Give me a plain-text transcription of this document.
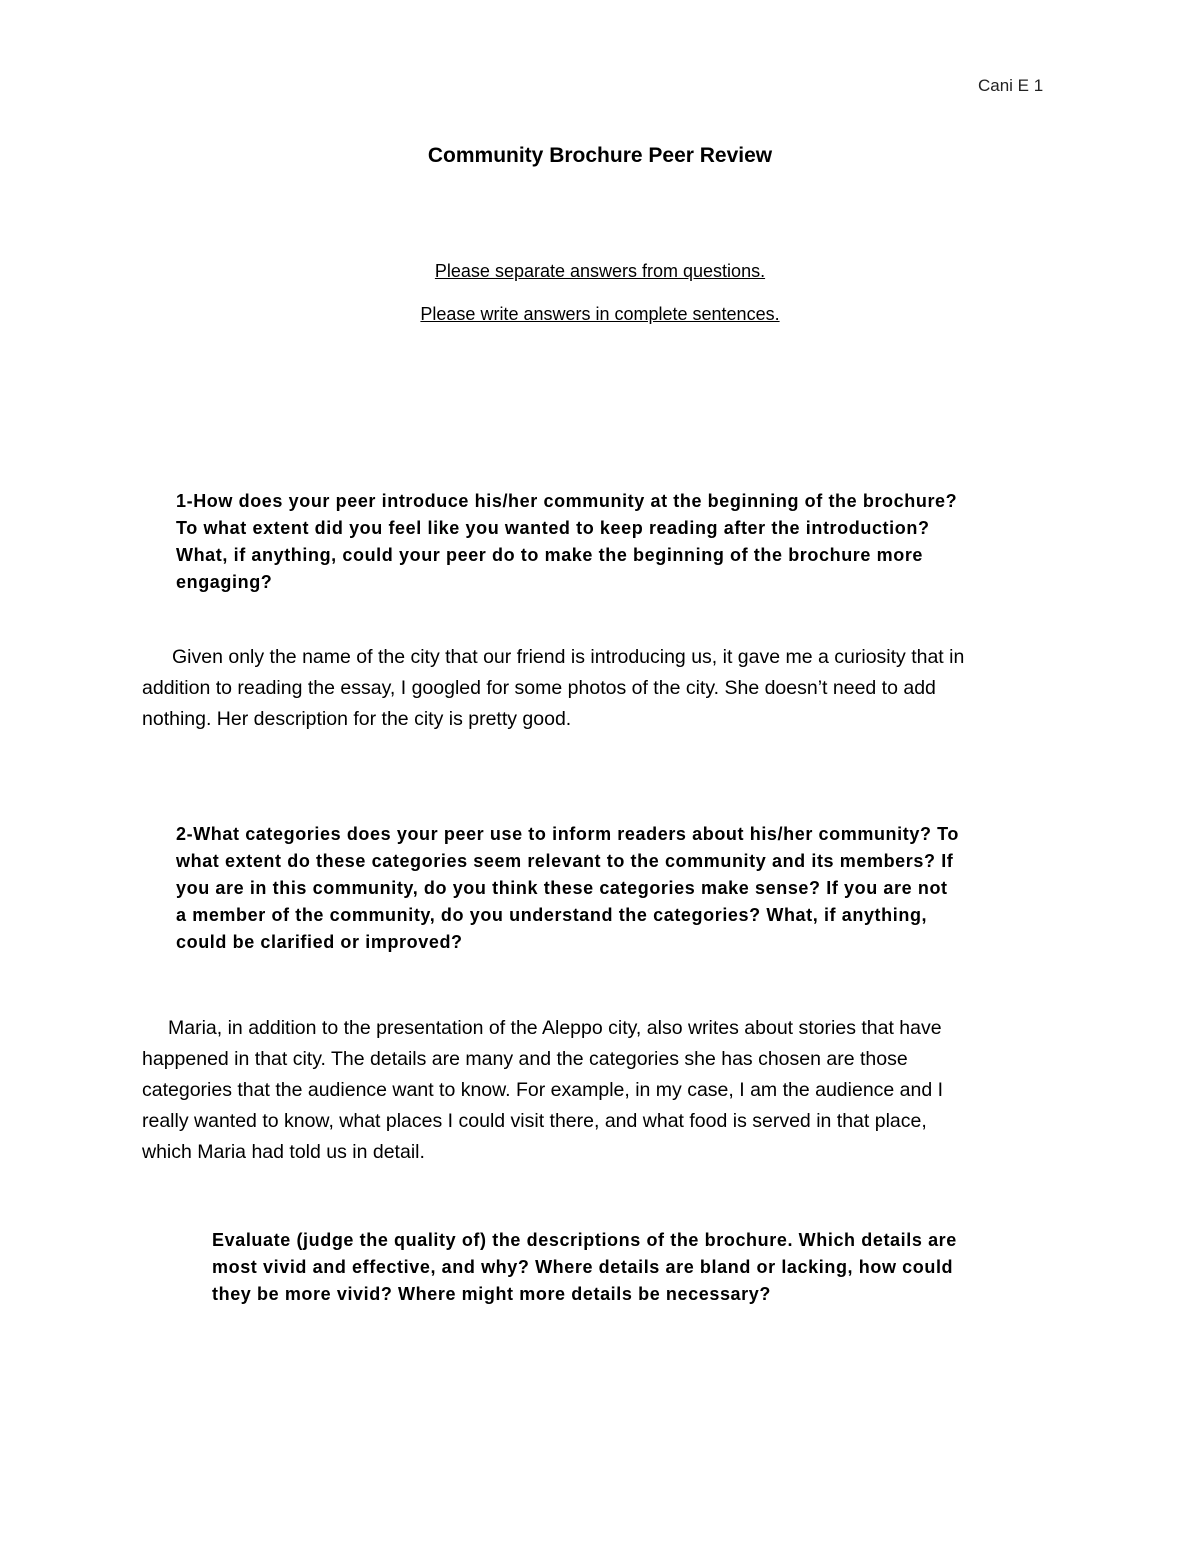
Cani E 1
Community Brochure Peer Review
Please separate answers from questions.
Please write answers in complete sentences.
1-How does your peer introduce his/her community at the beginning of the brochure?
To what extent did you feel like you wanted to keep reading after the introduction?
What, if anything, could your peer do to make the beginning of the brochure more
engaging?
Given only the name of the city that our friend is introducing us, it gave me a curiosity that in
addition to reading the essay, I googled for some photos of the city. She doesn’t need to add
nothing. Her description for the city is pretty good.
2-What categories does your peer use to inform readers about his/her community? To
what extent do these categories seem relevant to the community and its members? If
you are in this community, do you think these categories make sense? If you are not
a member of the community, do you understand the categories? What, if anything,
could be clarified or improved?
Maria, in addition to the presentation of the Aleppo city, also writes about stories that have
happened in that city. The details are many and the categories she has chosen are those
categories that the audience want to know. For example, in my case, I am the audience and I
really wanted to know, what places I could visit there, and what food is served in that place,
which Maria had told us in detail.
Evaluate (judge the quality of) the descriptions of the brochure. Which details are
most vivid and effective, and why? Where details are bland or lacking, how could
they be more vivid? Where might more details be necessary?
